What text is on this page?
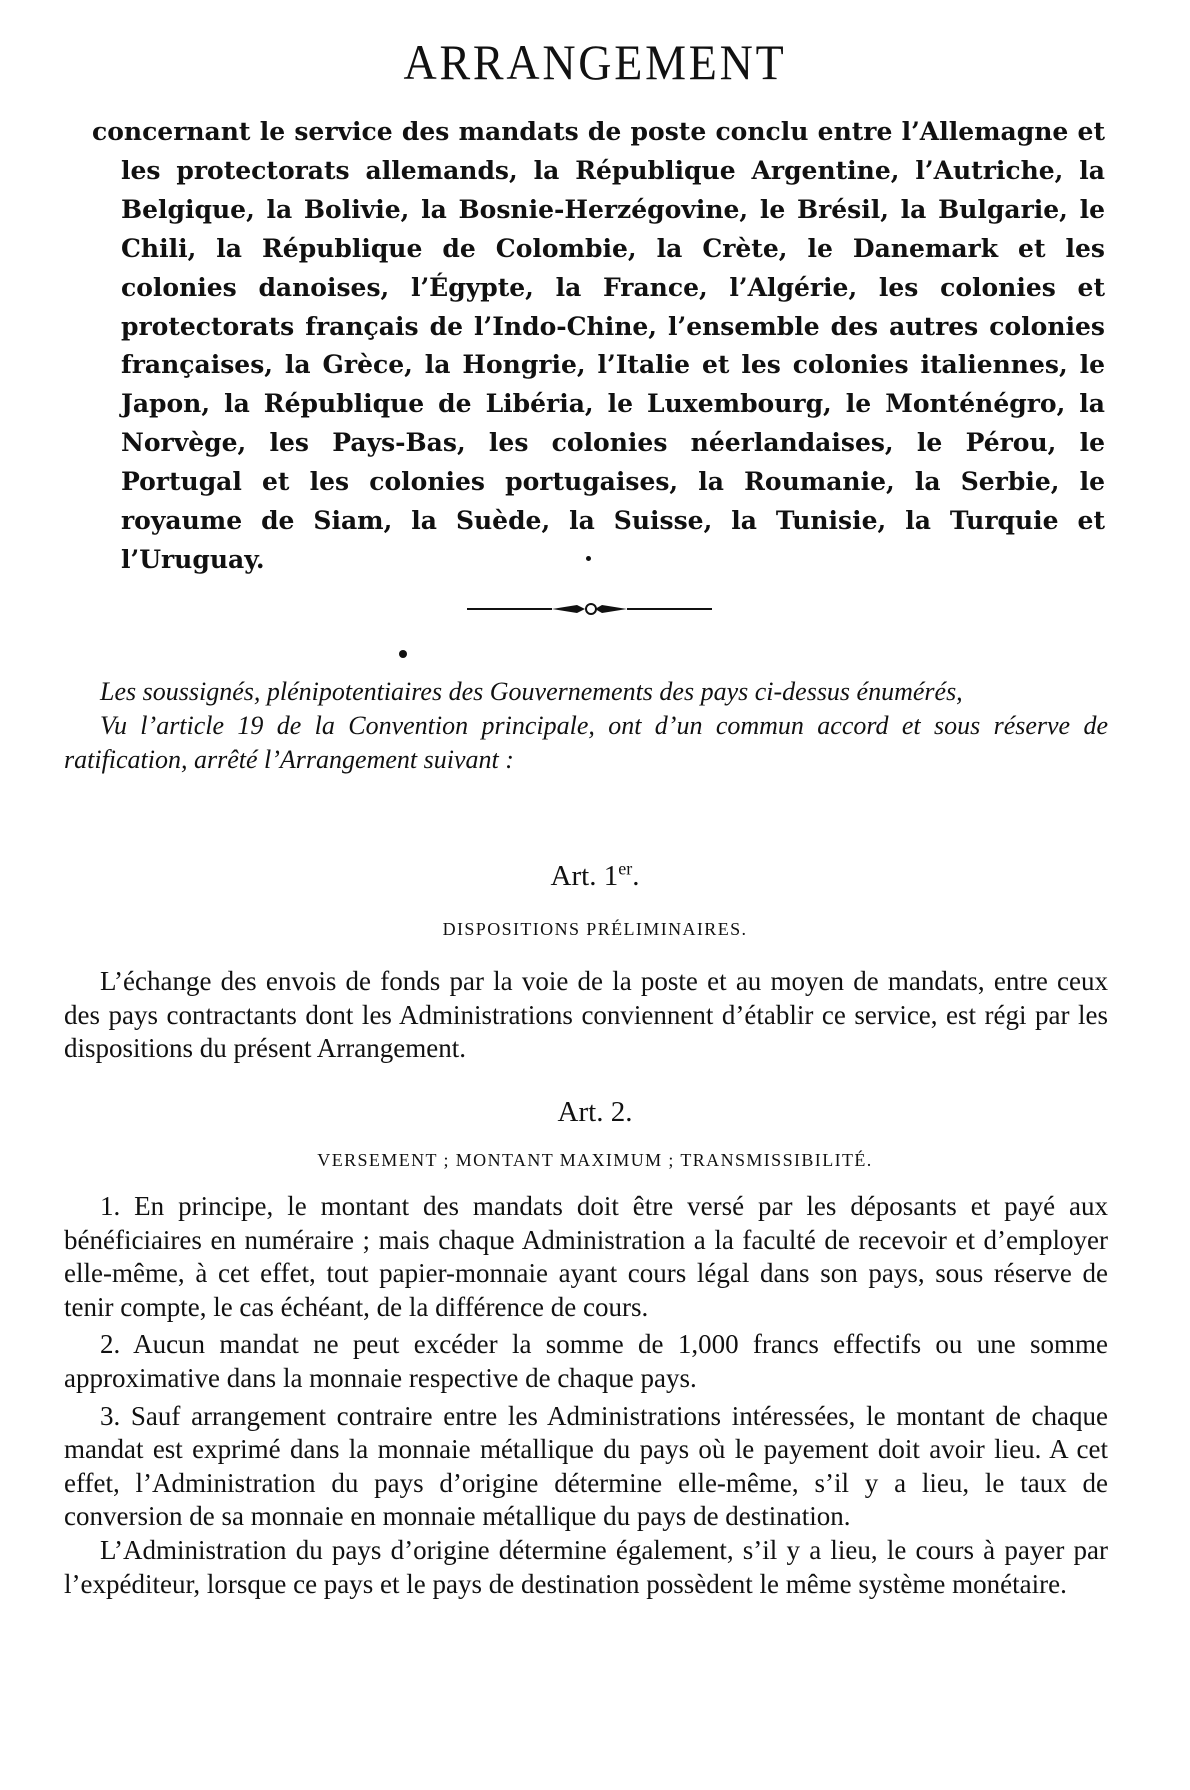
ARRANGEMENT
concernant le service des mandats de poste conclu entre l’Allemagne et les protectorats allemands, la République Argentine, l’Autriche, la Belgique, la Bolivie, la Bosnie-Herzégovine, le Brésil, la Bulgarie, le Chili, la République de Colombie, la Crète, le Danemark et les colonies danoises, l’Égypte, la France, l’Algérie, les colonies et protectorats français de l’Indo-Chine, l’ensemble des autres colonies françaises, la Grèce, la Hongrie, l’Italie et les colonies italiennes, le Japon, la République de Libéria, le Luxembourg, le Monténégro, la Norvège, les Pays-Bas, les colonies néerlandaises, le Pérou, le Portugal et les colonies portugaises, la Roumanie, la Serbie, le royaume de Siam, la Suède, la Suisse, la Tunisie, la Turquie et l’Uruguay.

Les soussignés, plénipotentiaires des Gouvernements des pays ci-dessus énumérés,

Vu l’article 19 de la Convention principale, ont d’un commun accord et sous réserve de ratification, arrêté l’Arrangement suivant :

Art. 1er.
DISPOSITIONS PRÉLIMINAIRES.

L’échange des envois de fonds par la voie de la poste et au moyen de mandats, entre ceux des pays contractants dont les Administrations conviennent d’établir ce service, est régi par les dispositions du présent Arrangement.

Art. 2.
VERSEMENT ; MONTANT MAXIMUM ; TRANSMISSIBILITÉ.

1. En principe, le montant des mandats doit être versé par les déposants et payé aux bénéficiaires en numéraire ; mais chaque Administration a la faculté de recevoir et d’employer elle-même, à cet effet, tout papier-monnaie ayant cours légal dans son pays, sous réserve de tenir compte, le cas échéant, de la différence de cours.

2. Aucun mandat ne peut excéder la somme de 1,000 francs effectifs ou une somme approximative dans la monnaie respective de chaque pays.

3. Sauf arrangement contraire entre les Administrations intéressées, le montant de chaque mandat est exprimé dans la monnaie métallique du pays où le payement doit avoir lieu. A cet effet, l’Administration du pays d’origine détermine elle-même, s’il y a lieu, le taux de conversion de sa monnaie en monnaie métallique du pays de destination.

L’Administration du pays d’origine détermine également, s’il y a lieu, le cours à payer par l’expéditeur, lorsque ce pays et le pays de destination possèdent le même système monétaire.
